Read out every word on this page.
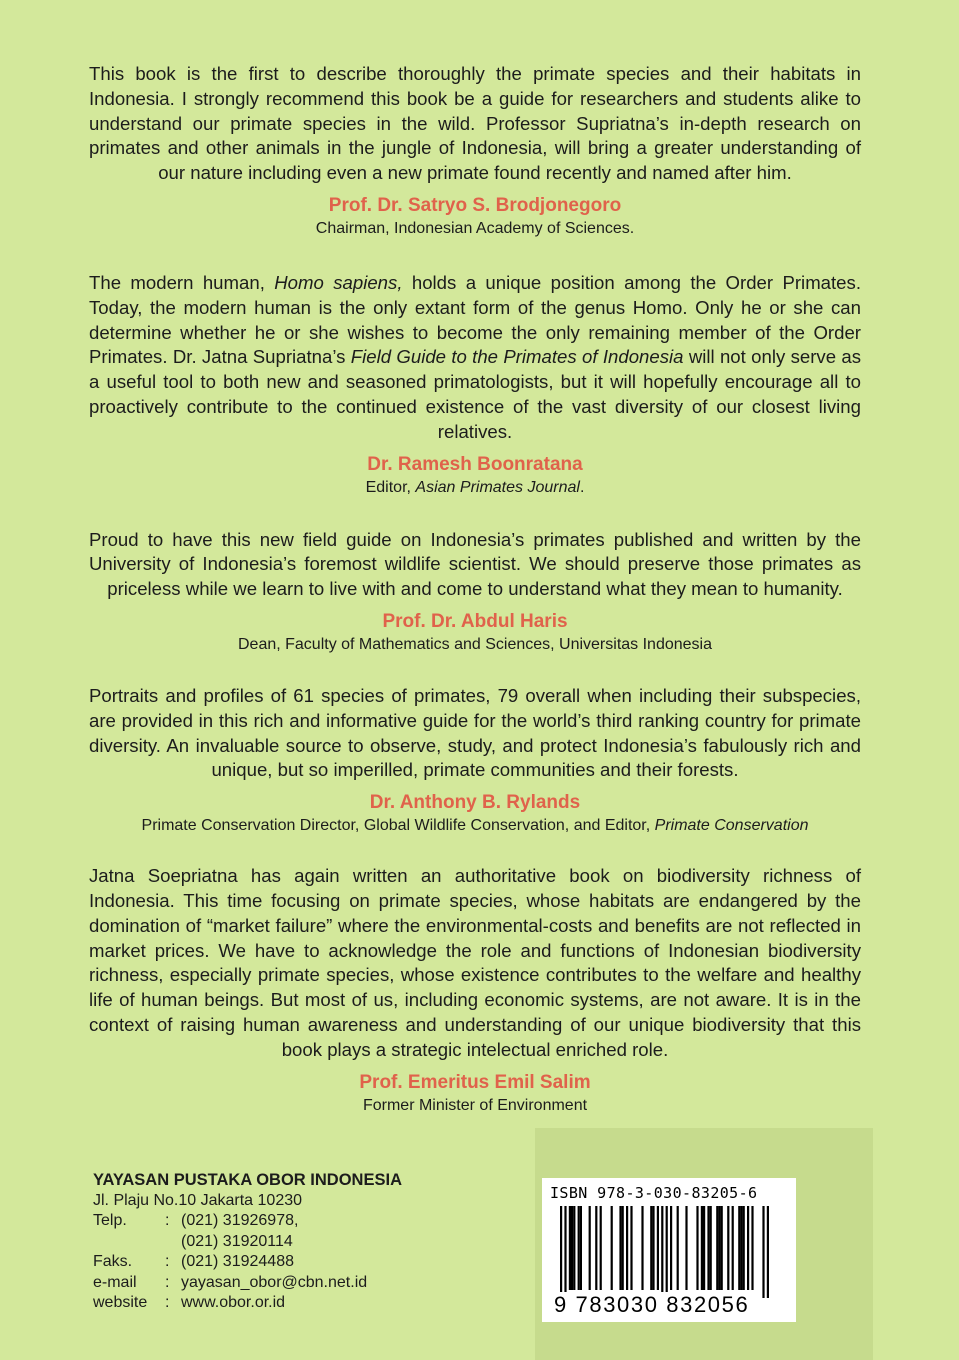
This book is the first to describe thoroughly the primate species and their habitats in Indonesia. I strongly recommend this book be a guide for researchers and students alike to understand our primate species in the wild. Professor Supriatna’s in-depth research on primates and other animals in the jungle of Indonesia, will bring a greater understanding of our nature including even a new primate found recently and named after him.

Prof. Dr. Satryo S. Brodjonegoro

Chairman, Indonesian Academy of Sciences.

The modern human, Homo sapiens, holds a unique position among the Order Primates. Today, the modern human is the only extant form of the genus Homo. Only he or she can determine whether he or she wishes to become the only remaining member of the Order Primates. Dr. Jatna Supriatna’s Field Guide to the Primates of Indonesia will not only serve as a useful tool to both new and seasoned primatologists, but it will hopefully encourage all to proactively contribute to the continued existence of the vast diversity of our closest living relatives.

Dr. Ramesh Boonratana

Editor, Asian Primates Journal.

Proud to have this new field guide on Indonesia’s primates published and written by the University of Indonesia’s foremost wildlife scientist. We should preserve those primates as priceless while we learn to live with and come to understand what they mean to humanity.

Prof. Dr. Abdul Haris

Dean, Faculty of Mathematics and Sciences, Universitas Indonesia

Portraits and profiles of 61 species of primates, 79 overall when including their subspecies, are provided in this rich and informative guide for the world’s third ranking country for primate diversity. An invaluable source to observe, study, and protect Indonesia’s fabulously rich and unique, but so imperilled, primate communities and their forests.

Dr. Anthony B. Rylands

Primate Conservation Director, Global Wildlife Conservation, and Editor, Primate Conservation

Jatna Soepriatna has again written an authoritative book on biodiversity richness of Indonesia. This time focusing on primate species, whose habitats are endangered by the domination of “market failure” where the environmental-costs and benefits are not reflected in market prices. We have to acknowledge the role and functions of Indonesian biodiversity richness, especially primate species, whose existence contributes to the welfare and healthy life of human beings. But most of us, including economic systems, are not aware. It is in the context of raising human awareness and understanding of our unique biodiversity that this book plays a strategic intelectual enriched role.

Prof. Emeritus Emil Salim

Former Minister of Environment

YAYASAN PUSTAKA OBOR INDONESIA
Jl. Plaju No.10 Jakarta 10230
Telp.	: (021) 31926978,
(021) 31920114
Faks.	: (021) 31924488
e-mail	: yayasan_obor@cbn.net.id
website	: www.obor.or.id
ISBN 978-3-030-83205-6
9 783030 832056
